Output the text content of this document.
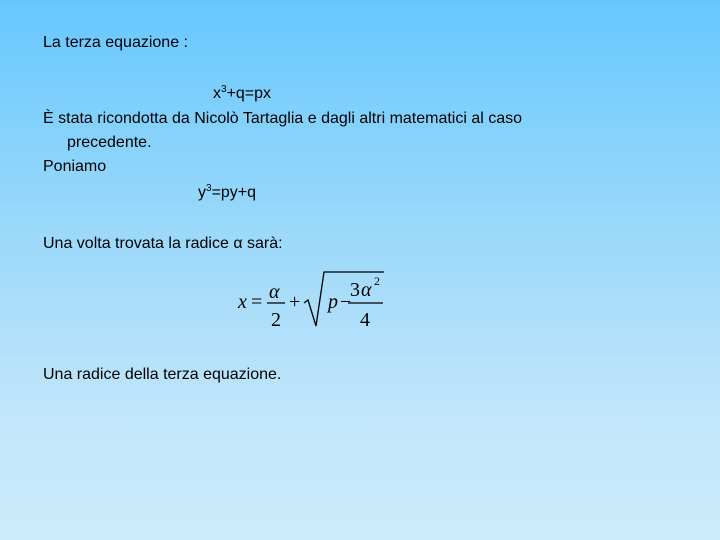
La terza equazione :
$x^3+q=px$
È stata ricondotta da Nicolò Tartaglia e dagli altri matematici al caso
precedente.
Poniamo
$y^3=py+q$
Una volta trovata la radice α sarà:
x = α
2
+ p −
3 α 2
4
Una radice della terza equazione.
